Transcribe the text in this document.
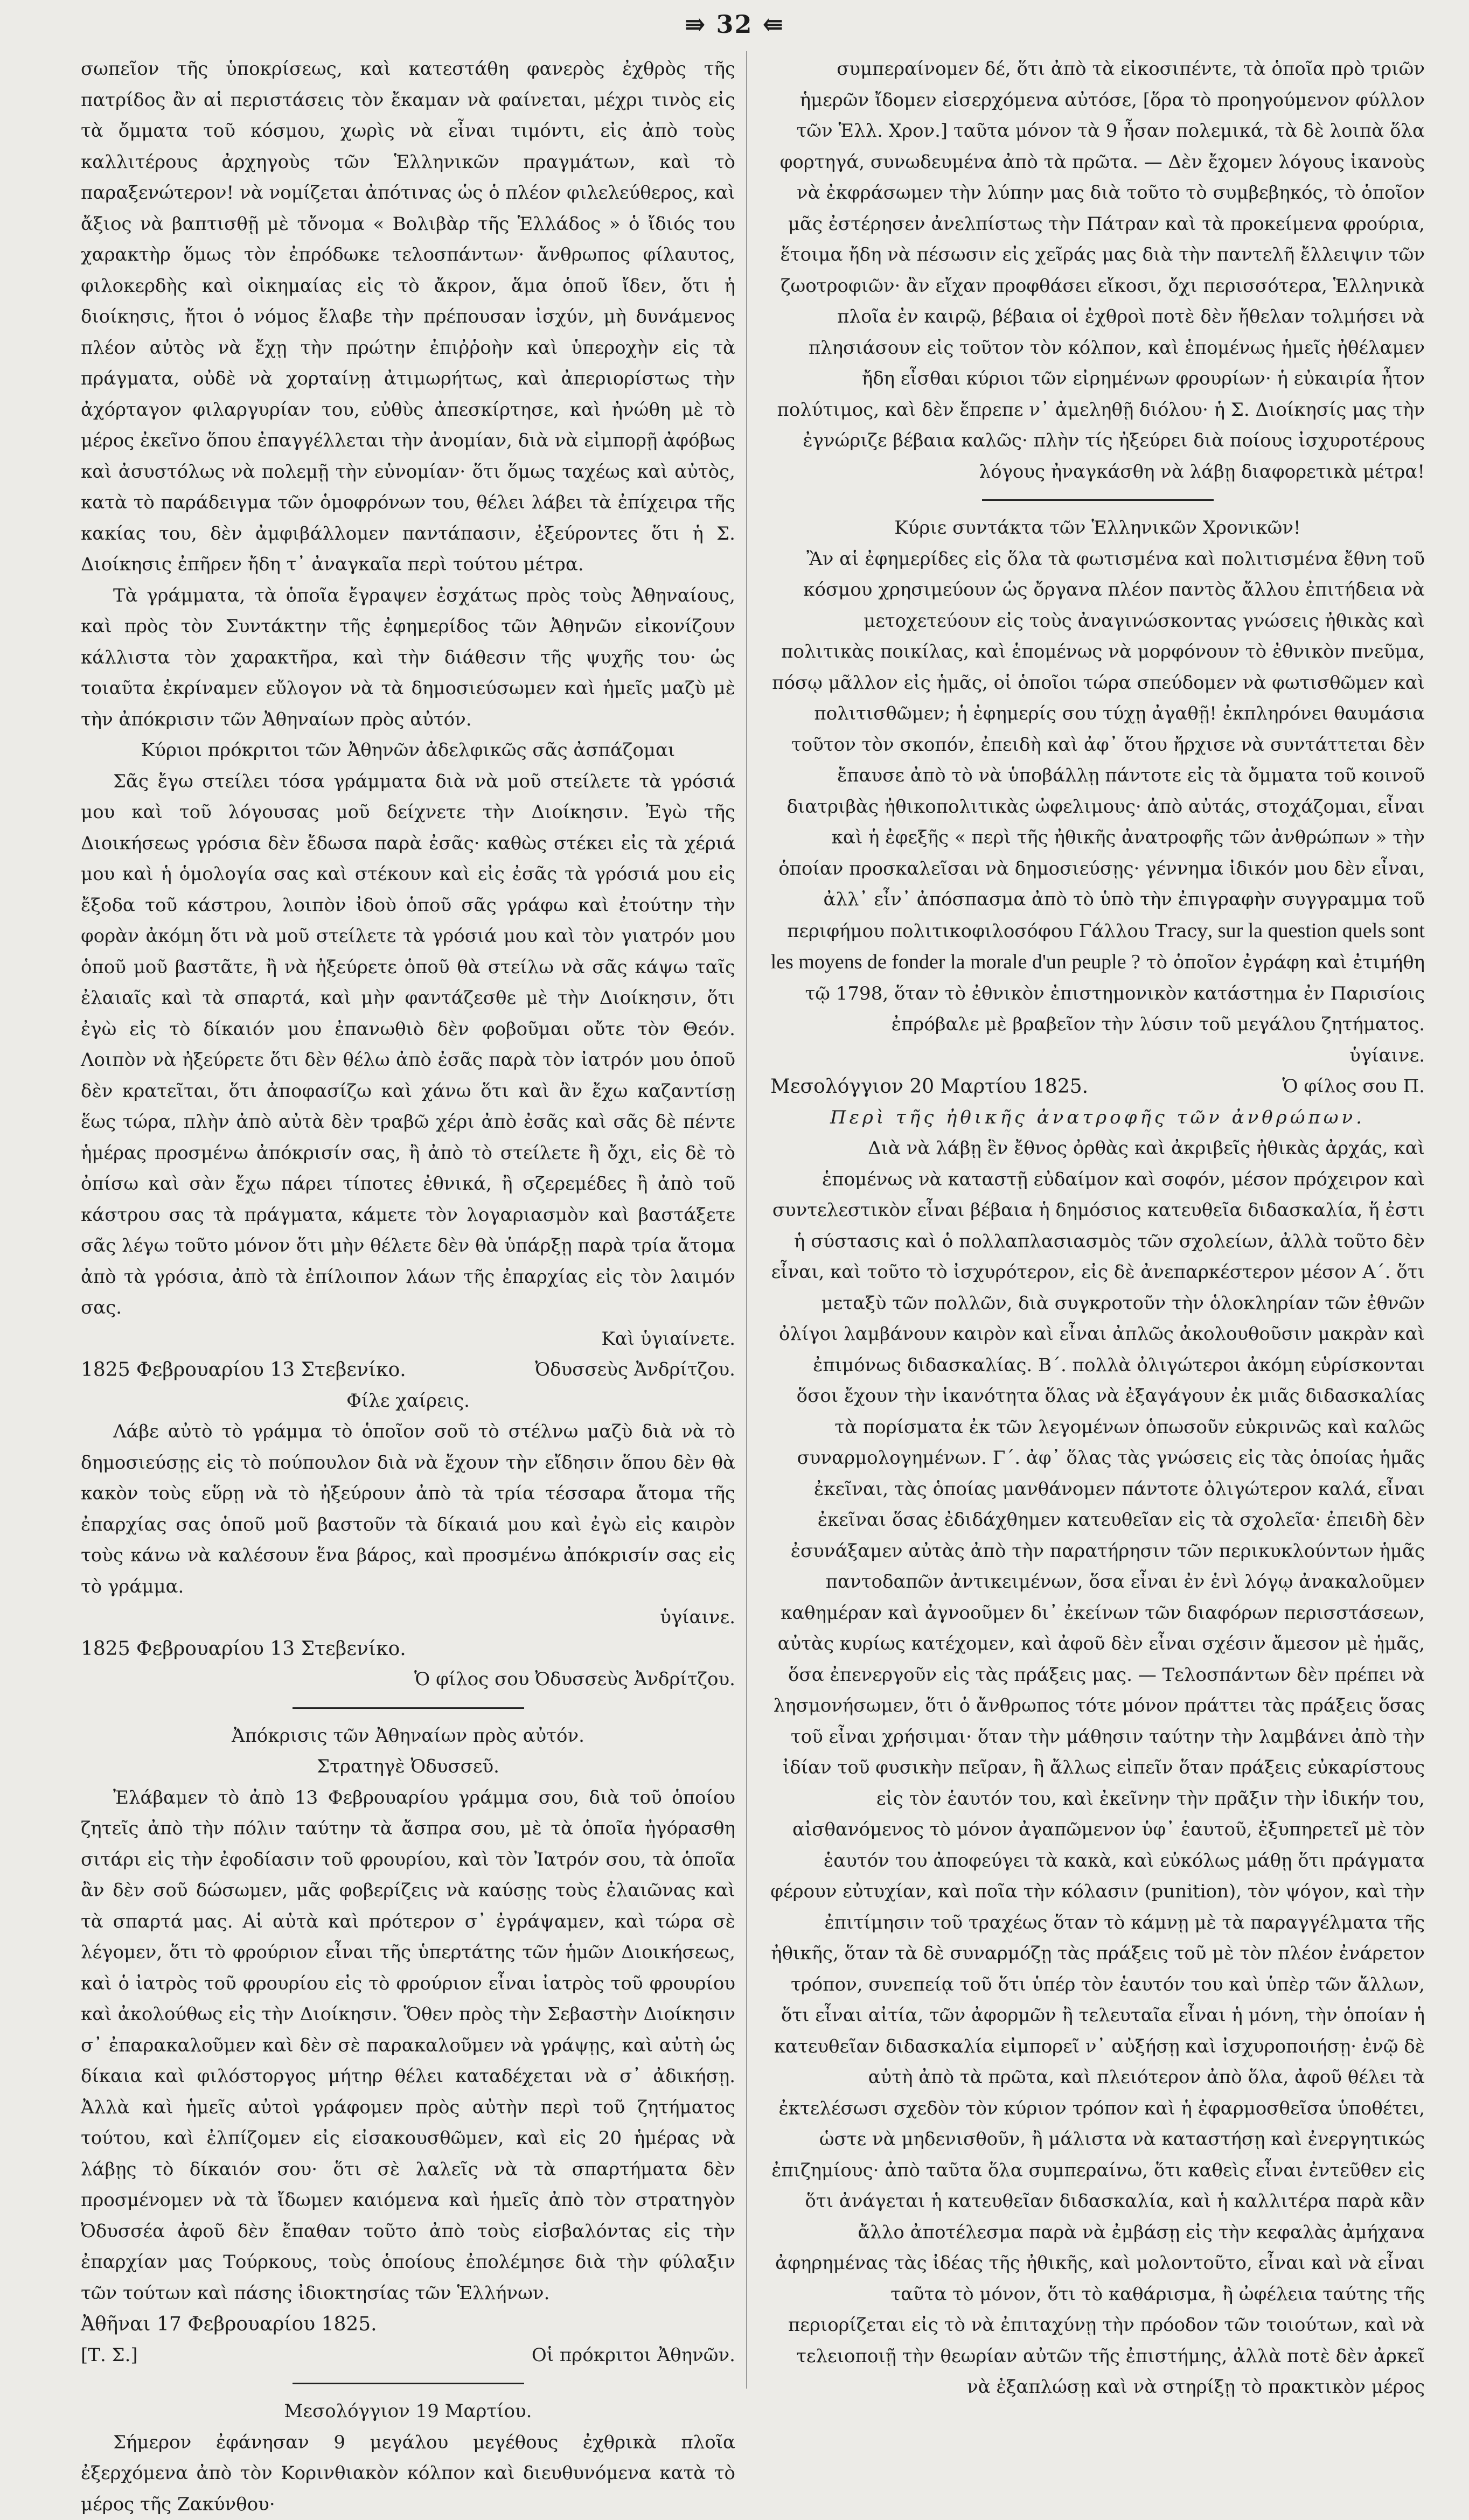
⇛ 32 ⇚

σωπεῖον τῆς ὑποκρίσεως, καὶ κατεστάθη φανερὸς ἐχθρὸς τῆς πατρίδος ἂν αἱ περιστάσεις τὸν ἔκαμαν νὰ φαίνεται, μέχρι τινὸς εἰς τὰ ὄμματα τοῦ κόσμου, χωρὶς νὰ εἶναι τιμόντι, εἰς ἀπὸ τοὺς καλλιτέρους ἀρχηγοὺς τῶν Ἑλληνικῶν πραγμάτων, καὶ τὸ παραξενώτερον! νὰ νομίζεται ἀπότινας ὡς ὁ πλέον φιλελεύθερος, καὶ ἄξιος νὰ βαπτισθῇ μὲ τὄνομα « Βολιβὰρ τῆς Ἑλλάδος » ὁ ἴδιός του χαρακτὴρ ὅμως τὸν ἐπρόδωκε τελοσπάντων· ἄνθρωπος φίλαυτος, φιλοκερδὴς καὶ οἰκημαίας εἰς τὸ ἄκρον, ἅμα ὁποῦ ἴδεν, ὅτι ἡ διοίκησις, ἤτοι ὁ νόμος ἔλαβε τὴν πρέπουσαν ἰσχύν, μὴ δυνάμενος πλέον αὐτὸς νὰ ἔχῃ τὴν πρώτην ἐπιῤῥοὴν καὶ ὑπεροχὴν εἰς τὰ πράγματα, οὐδὲ νὰ χορταίνῃ ἀτιμωρήτως, καὶ ἀπεριορίστως τὴν ἀχόρταγον φιλαργυρίαν του, εὐθὺς ἀπεσκίρτησε, καὶ ἠνώθη μὲ τὸ μέρος ἐκεῖνο ὅπου ἐπαγγέλλεται τὴν ἀνομίαν, διὰ νὰ εἰμπορῇ ἀφόβως καὶ ἀσυστόλως νὰ πολεμῇ τὴν εὐνομίαν· ὅτι ὅμως ταχέως καὶ αὐτὸς, κατὰ τὸ παράδειγμα τῶν ὁμοφρόνων του, θέλει λάβει τὰ ἐπίχειρα τῆς κακίας του, δὲν ἀμφιβάλλομεν παντάπασιν, ἐξεύροντες ὅτι ἡ Σ. Διοίκησις ἐπῆρεν ἤδη τ᾽ ἀναγκαῖα περὶ τούτου μέτρα.

Τὰ γράμματα, τὰ ὁποῖα ἔγραψεν ἐσχάτως πρὸς τοὺς Ἀθηναίους, καὶ πρὸς τὸν Συντάκτην τῆς ἐφημερίδος τῶν Ἀθηνῶν εἰκονίζουν κάλλιστα τὸν χαρακτῆρα, καὶ τὴν διάθεσιν τῆς ψυχῆς του· ὡς τοιαῦτα ἐκρίναμεν εὔλογον νὰ τὰ δημοσιεύσωμεν καὶ ἡμεῖς μαζὺ μὲ τὴν ἀπόκρισιν τῶν Ἀθηναίων πρὸς αὐτόν.

Κύριοι πρόκριτοι τῶν Ἀθηνῶν ἀδελφικῶς σᾶς ἀσπάζομαι

Σᾶς ἔγω στείλει τόσα γράμματα διὰ νὰ μοῦ στείλετε τὰ γρόσιά μου καὶ τοῦ λόγουσας μοῦ δείχνετε τὴν Διοίκησιν. Ἐγὼ τῆς Διοικήσεως γρόσια δὲν ἔδωσα παρὰ ἐσᾶς· καθὼς στέκει εἰς τὰ χέριά μου καὶ ἡ ὁμολογία σας καὶ στέκουν καὶ εἰς ἐσᾶς τὰ γρόσιά μου εἰς ἔξοδα τοῦ κάστρου, λοιπὸν ἰδοὺ ὁποῦ σᾶς γράφω καὶ ἐτούτην τὴν φορὰν ἀκόμη ὅτι νὰ μοῦ στείλετε τὰ γρόσιά μου καὶ τὸν γιατρόν μου ὁποῦ μοῦ βαστᾶτε, ἢ νὰ ἠξεύρετε ὁποῦ θὰ στείλω νὰ σᾶς κάψω ταῖς ἐλαιαῖς καὶ τὰ σπαρτά, καὶ μὴν φαντάζεσθε μὲ τὴν Διοίκησιν, ὅτι ἐγὼ εἰς τὸ δίκαιόν μου ἐπανωθιὸ δὲν φοβοῦμαι οὔτε τὸν Θεόν. Λοιπὸν νὰ ἠξεύρετε ὅτι δὲν θέλω ἀπὸ ἐσᾶς παρὰ τὸν ἰατρόν μου ὁποῦ δὲν κρατεῖται, ὅτι ἀποφασίζω καὶ χάνω ὅτι καὶ ἂν ἔχω καζαντίσῃ ἕως τώρα, πλὴν ἀπὸ αὐτὰ δὲν τραβῶ χέρι ἀπὸ ἐσᾶς καὶ σᾶς δὲ πέντε ἡμέρας προσμένω ἀπόκρισίν σας, ἢ ἀπὸ τὸ στείλετε ἢ ὄχι, εἰς δὲ τὸ ὀπίσω καὶ σὰν ἔχω πάρει τίποτες ἐθνικά, ἢ σζερεμέδες ἢ ἀπὸ τοῦ κάστρου σας τὰ πράγματα, κάμετε τὸν λογαριασμὸν καὶ βαστάξετε σᾶς λέγω τοῦτο μόνον ὅτι μὴν θέλετε δὲν θὰ ὑπάρξῃ παρὰ τρία ἄτομα ἀπὸ τὰ γρόσια, ἀπὸ τὰ ἐπίλοιπον λάων τῆς ἐπαρχίας εἰς τὸν λαιμόν σας.

Καὶ ὑγιαίνετε.

1825 Φεβρουαρίου 13 Στεβενίκο.	Ὀδυσσεὺς Ἀνδρίτζου.

Φίλε χαίρεις.

Λάβε αὐτὸ τὸ γράμμα τὸ ὁποῖον σοῦ τὸ στέλνω μαζὺ διὰ νὰ τὸ δημοσιεύσῃς εἰς τὸ πούπουλον διὰ νὰ ἔχουν τὴν εἴδησιν ὅπου δὲν θὰ κακὸν τοὺς εὕρῃ νὰ τὸ ἠξεύρουν ἀπὸ τὰ τρία τέσσαρα ἄτομα τῆς ἐπαρχίας σας ὁποῦ μοῦ βαστοῦν τὰ δίκαιά μου καὶ ἐγὼ εἰς καιρὸν τοὺς κάνω νὰ καλέσουν ἕνα βάρος, καὶ προσμένω ἀπόκρισίν σας εἰς τὸ γράμμα.

ὑγίαινε.

1825 Φεβρουαρίου 13 Στεβενίκο.

Ὁ φίλος σου Ὀδυσσεὺς Ἀνδρίτζου.

Ἀπόκρισις τῶν Ἀθηναίων πρὸς αὐτόν.

Στρατηγὲ Ὀδυσσεῦ.

Ἐλάβαμεν τὸ ἀπὸ 13 Φεβρουαρίου γράμμα σου, διὰ τοῦ ὁποίου ζητεῖς ἀπὸ τὴν πόλιν ταύτην τὰ ἄσπρα σου, μὲ τὰ ὁποῖα ἠγόρασθη σιτάρι εἰς τὴν ἐφοδίασιν τοῦ φρουρίου, καὶ τὸν Ἰατρόν σου, τὰ ὁποῖα ἂν δὲν σοῦ δώσωμεν, μᾶς φοβερίζεις νὰ καύσῃς τοὺς ἐλαιῶνας καὶ τὰ σπαρτά μας. Αἱ αὐτὰ καὶ πρότερον σ᾽ ἐγράψαμεν, καὶ τώρα σὲ λέγομεν, ὅτι τὸ φρούριον εἶναι τῆς ὑπερτάτης τῶν ἡμῶν Διοικήσεως, καὶ ὁ ἰατρὸς τοῦ φρουρίου εἰς τὸ φρούριον εἶναι ἰατρὸς τοῦ φρουρίου καὶ ἀκολούθως εἰς τὴν Διοίκησιν. Ὅθεν πρὸς τὴν Σεβαστὴν Διοίκησιν σ᾽ ἐπαρακαλοῦμεν καὶ δὲν σὲ παρακαλοῦμεν νὰ γράψῃς, καὶ αὐτὴ ὡς δίκαια καὶ φιλόστοργος μήτηρ θέλει καταδέχεται νὰ σ᾽ ἀδικήσῃ. Ἀλλὰ καὶ ἡμεῖς αὐτοὶ γράφομεν πρὸς αὐτὴν περὶ τοῦ ζητήματος τούτου, καὶ ἐλπίζομεν εἰς εἰσακουσθῶμεν, καὶ εἰς 20 ἡμέρας νὰ λάβῃς τὸ δίκαιόν σου· ὅτι σὲ λαλεῖς νὰ τὰ σπαρτήματα δὲν προσμένομεν νὰ τὰ ἴδωμεν καιόμενα καὶ ἡμεῖς ἀπὸ τὸν στρατηγὸν Ὀδυσσέα ἀφοῦ δὲν ἔπαθαν τοῦτο ἀπὸ τοὺς εἰσβαλόντας εἰς τὴν ἐπαρχίαν μας Τούρκους, τοὺς ὁποίους ἐπολέμησε διὰ τὴν φύλαξιν τῶν τούτων καὶ πάσης ἰδιοκτησίας τῶν Ἑλλήνων.

Ἀθῆναι 17 Φεβρουαρίου 1825.

[Τ. Σ.]	Οἱ πρόκριτοι Ἀθηνῶν.

Μεσολόγγιον 19 Μαρτίου.

Σήμερον ἐφάνησαν 9 μεγάλου μεγέθους ἐχθρικὰ πλοῖα ἐξερχόμενα ἀπὸ τὸν Κορινθιακὸν κόλπον καὶ διευθυνόμενα κατὰ τὸ μέρος τῆς Ζακύνθου·

συμπεραίνομεν δέ, ὅτι ἀπὸ τὰ εἰκοσιπέντε, τὰ ὁποῖα πρὸ τριῶν ἡμερῶν ἴδομεν εἰσερχόμενα αὐτόσε, [ὅρα τὸ προηγούμενον φύλλον τῶν Ἑλλ. Χρον.] ταῦτα μόνον τὰ 9 ἦσαν πολεμικά, τὰ δὲ λοιπὰ ὅλα φορτηγά, συνωδευμένα ἀπὸ τὰ πρῶτα. — Δὲν ἔχομεν λόγους ἱκανοὺς νὰ ἐκφράσωμεν τὴν λύπην μας διὰ τοῦτο τὸ συμβεβηκός, τὸ ὁποῖον μᾶς ἐστέρησεν ἀνελπίστως τὴν Πάτραν καὶ τὰ προκείμενα φρούρια, ἕτοιμα ἤδη νὰ πέσωσιν εἰς χεῖράς μας διὰ τὴν παντελῆ ἔλλειψιν τῶν ζωοτροφιῶν· ἂν εἴχαν προφθάσει εἴκοσι, ὄχι περισσότερα, Ἑλληνικὰ πλοῖα ἐν καιρῷ, βέβαια οἱ ἐχθροὶ ποτὲ δὲν ἤθελαν τολμήσει νὰ πλησιάσουν εἰς τοῦτον τὸν κόλπον, καὶ ἑπομένως ἡμεῖς ἠθέλαμεν ἤδη εἶσθαι κύριοι τῶν εἰρημένων φρουρίων· ἡ εὐκαιρία ἦτον πολύτιμος, καὶ δὲν ἔπρεπε ν᾽ ἀμεληθῇ διόλου· ἡ Σ. Διοίκησίς μας τὴν ἐγνώριζε βέβαια καλῶς· πλὴν τίς ἠξεύρει διὰ ποίους ἰσχυροτέρους λόγους ἠναγκάσθη νὰ λάβῃ διαφορετικὰ μέτρα!

Κύριε συντάκτα τῶν Ἑλληνικῶν Χρονικῶν!

Ἂν αἱ ἐφημερίδες εἰς ὅλα τὰ φωτισμένα καὶ πολιτισμένα ἔθνη τοῦ κόσμου χρησιμεύουν ὡς ὄργανα πλέον παντὸς ἄλλου ἐπιτήδεια νὰ μετοχετεύουν εἰς τοὺς ἀναγινώσκοντας γνώσεις ἠθικὰς καὶ πολιτικὰς ποικίλας, καὶ ἑπομένως νὰ μορφόνουν τὸ ἐθνικὸν πνεῦμα, πόσῳ μᾶλλον εἰς ἡμᾶς, οἱ ὁποῖοι τώρα σπεύδομεν νὰ φωτισθῶμεν καὶ πολιτισθῶμεν; ἡ ἐφημερίς σου τύχῃ ἀγαθῇ! ἐκπληρόνει θαυμάσια τοῦτον τὸν σκοπόν, ἐπειδὴ καὶ ἀφ᾽ ὅτου ἤρχισε νὰ συντάττεται δὲν ἔπαυσε ἀπὸ τὸ νὰ ὑποβάλλῃ πάντοτε εἰς τὰ ὄμματα τοῦ κοινοῦ διατριβὰς ἠθικοπολιτικὰς ὠφελιμους· ἀπὸ αὐτάς, στοχάζομαι, εἶναι καὶ ἡ ἐφεξῆς « περὶ τῆς ἠθικῆς ἀνατροφῆς τῶν ἀνθρώπων » τὴν ὁποίαν προσκαλεῖσαι νὰ δημοσιεύσῃς· γέννημα ἰδικόν μου δὲν εἶναι, ἀλλ᾽ εἶν᾽ ἀπόσπασμα ἀπὸ τὸ ὑπὸ τὴν ἐπιγραφὴν συγγραμμα τοῦ περιφήμου πολιτικοφιλοσόφου Γάλλου Tracy, sur la question quels sont les moyens de fonder la morale d'un peuple ? τὸ ὁποῖον ἐγράφη καὶ ἐτιμήθη τῷ 1798, ὅταν τὸ ἐθνικὸν ἐπιστημονικὸν κατάστημα ἐν Παρισίοις ἐπρόβαλε μὲ βραβεῖον τὴν λύσιν τοῦ μεγάλου ζητήματος.

ὑγίαινε.

Μεσολόγγιον 20 Μαρτίου 1825.	Ὁ φίλος σου Π.

Περὶ τῆς ἠθικῆς ἀνατροφῆς τῶν ἀνθρώπων.

Διὰ νὰ λάβῃ ἓν ἔθνος ὀρθὰς καὶ ἀκριβεῖς ἠθικὰς ἀρχάς, καὶ ἑπομένως νὰ καταστῇ εὐδαίμον καὶ σοφόν, μέσον πρόχειρον καὶ συντελεστικὸν εἶναι βέβαια ἡ δημόσιος κατευθεῖα διδασκαλία, ἥ ἐστι ἡ σύστασις καὶ ὁ πολλαπλασιασμὸς τῶν σχολείων, ἀλλὰ τοῦτο δὲν εἶναι, καὶ τοῦτο τὸ ἰσχυρότερον, εἰς δὲ ἀνεπαρκέστερον μέσον Α΄. ὅτι μεταξὺ τῶν πολλῶν, διὰ συγκροτοῦν τὴν ὁλοκληρίαν τῶν ἐθνῶν ὀλίγοι λαμβάνουν καιρὸν καὶ εἶναι ἀπλῶς ἀκολουθοῦσιν μακρὰν καὶ ἐπιμόνως διδασκαλίας. Β΄. πολλὰ ὀλιγώτεροι ἀκόμη εὑρίσκονται ὅσοι ἔχουν τὴν ἱκανότητα ὅλας νὰ ἐξαγάγουν ἐκ μιᾶς διδασκαλίας τὰ πορίσματα ἐκ τῶν λεγομένων ὁπωσοῦν εὐκρινῶς καὶ καλῶς συναρμολογημένων. Γ΄. ἀφ᾽ ὅλας τὰς γνώσεις εἰς τὰς ὁποίας ἡμᾶς ἐκεῖναι, τὰς ὁποίας μανθάνομεν πάντοτε ὀλιγώτερον καλά, εἶναι ἐκεῖναι ὅσας ἐδιδάχθημεν κατευθεῖαν εἰς τὰ σχολεῖα· ἐπειδὴ δὲν ἐσυνάξαμεν αὐτὰς ἀπὸ τὴν παρατήρησιν τῶν περικυκλούντων ἡμᾶς παντοδαπῶν ἀντικειμένων, ὅσα εἶναι ἐν ἑνὶ λόγῳ ἀνακαλοῦμεν καθημέραν καὶ ἀγνοοῦμεν δι᾽ ἐκείνων τῶν διαφόρων περισστάσεων, αὐτὰς κυρίως κατέχομεν, καὶ ἀφοῦ δὲν εἶναι σχέσιν ἄμεσον μὲ ἡμᾶς, ὅσα ἐπενεργοῦν εἰς τὰς πράξεις μας. — Τελοσπάντων δὲν πρέπει νὰ λησμονήσωμεν, ὅτι ὁ ἄνθρωπος τότε μόνον πράττει τὰς πράξεις ὅσας τοῦ εἶναι χρήσιμαι· ὅταν τὴν μάθησιν ταύτην τὴν λαμβάνει ἀπὸ τὴν ἰδίαν τοῦ φυσικὴν πεῖραν, ἢ ἄλλως εἰπεῖν ὅταν πράξεις εὐκαρίστους εἰς τὸν ἑαυτόν του, καὶ ἐκεῖνην τὴν πρᾶξιν τὴν ἰδικήν του, αἰσθανόμενος τὸ μόνον ἀγαπῶμενον ὑφ᾽ ἑαυτοῦ, ἐξυπηρετεῖ μὲ τὸν ἑαυτόν του ἀποφεύγει τὰ κακὰ, καὶ εὐκόλως μάθῃ ὅτι πράγματα φέρουν εὐτυχίαν, καὶ ποῖα τὴν κόλασιν (punition), τὸν ψόγον, καὶ τὴν ἐπιτίμησιν τοῦ τραχέως ὅταν τὸ κάμνῃ μὲ τὰ παραγγέλματα τῆς ἠθικῆς, ὅταν τὰ δὲ συναρμόζῃ τὰς πράξεις τοῦ μὲ τὸν πλέον ἐνάρετον τρόπον, συνεπείᾳ τοῦ ὅτι ὑπέρ τὸν ἑαυτόν του καὶ ὑπὲρ τῶν ἄλλων, ὅτι εἶναι αἰτία, τῶν ἀφορμῶν ἢ τελευταῖα εἶναι ἡ μόνη, τὴν ὁποίαν ἡ κατευθεῖαν διδασκαλία εἰμπορεῖ ν᾽ αὐξήσῃ καὶ ἰσχυροποιήσῃ· ἐνῷ δὲ αὐτὴ ἀπὸ τὰ πρῶτα, καὶ πλειότερον ἀπὸ ὅλα, ἀφοῦ θέλει τὰ ἐκτελέσωσι σχεδὸν τὸν κύριον τρόπον καὶ ἡ ἐφαρμοσθεῖσα ὑποθέτει, ὡστε νὰ μηδενισθοῦν, ἢ μάλιστα νὰ καταστήσῃ καὶ ἐνεργητικώς ἐπιζημίους· ἀπὸ ταῦτα ὅλα συμπεραίνω, ὅτι καθεὶς εἶναι ἐντεῦθεν εἰς ὅτι ἀνάγεται ἡ κατευθεῖαν διδασκαλία, καὶ ἡ καλλιτέρα παρὰ κἂν ἄλλο ἀποτέλεσμα παρὰ νὰ ἐμβάσῃ εἰς τὴν κεφαλὰς ἀμήχανα ἀφηρημένας τὰς ἰδέας τῆς ἠθικῆς, καὶ μολοντοῦτο, εἶναι καὶ νὰ εἶναι ταῦτα τὸ μόνον, ὅτι τὸ καθάρισμα, ἢ ὠφέλεια ταύτης τῆς περιορίζεται εἰς τὸ νὰ ἐπιταχύνῃ τὴν πρόοδον τῶν τοιούτων, καὶ νὰ τελειοποιῇ τὴν θεωρίαν αὐτῶν τῆς ἐπιστήμης, ἀλλὰ ποτὲ δὲν ἀρκεῖ νὰ ἐξαπλώσῃ καὶ νὰ στηρίξῃ τὸ πρακτικὸν μέρος
